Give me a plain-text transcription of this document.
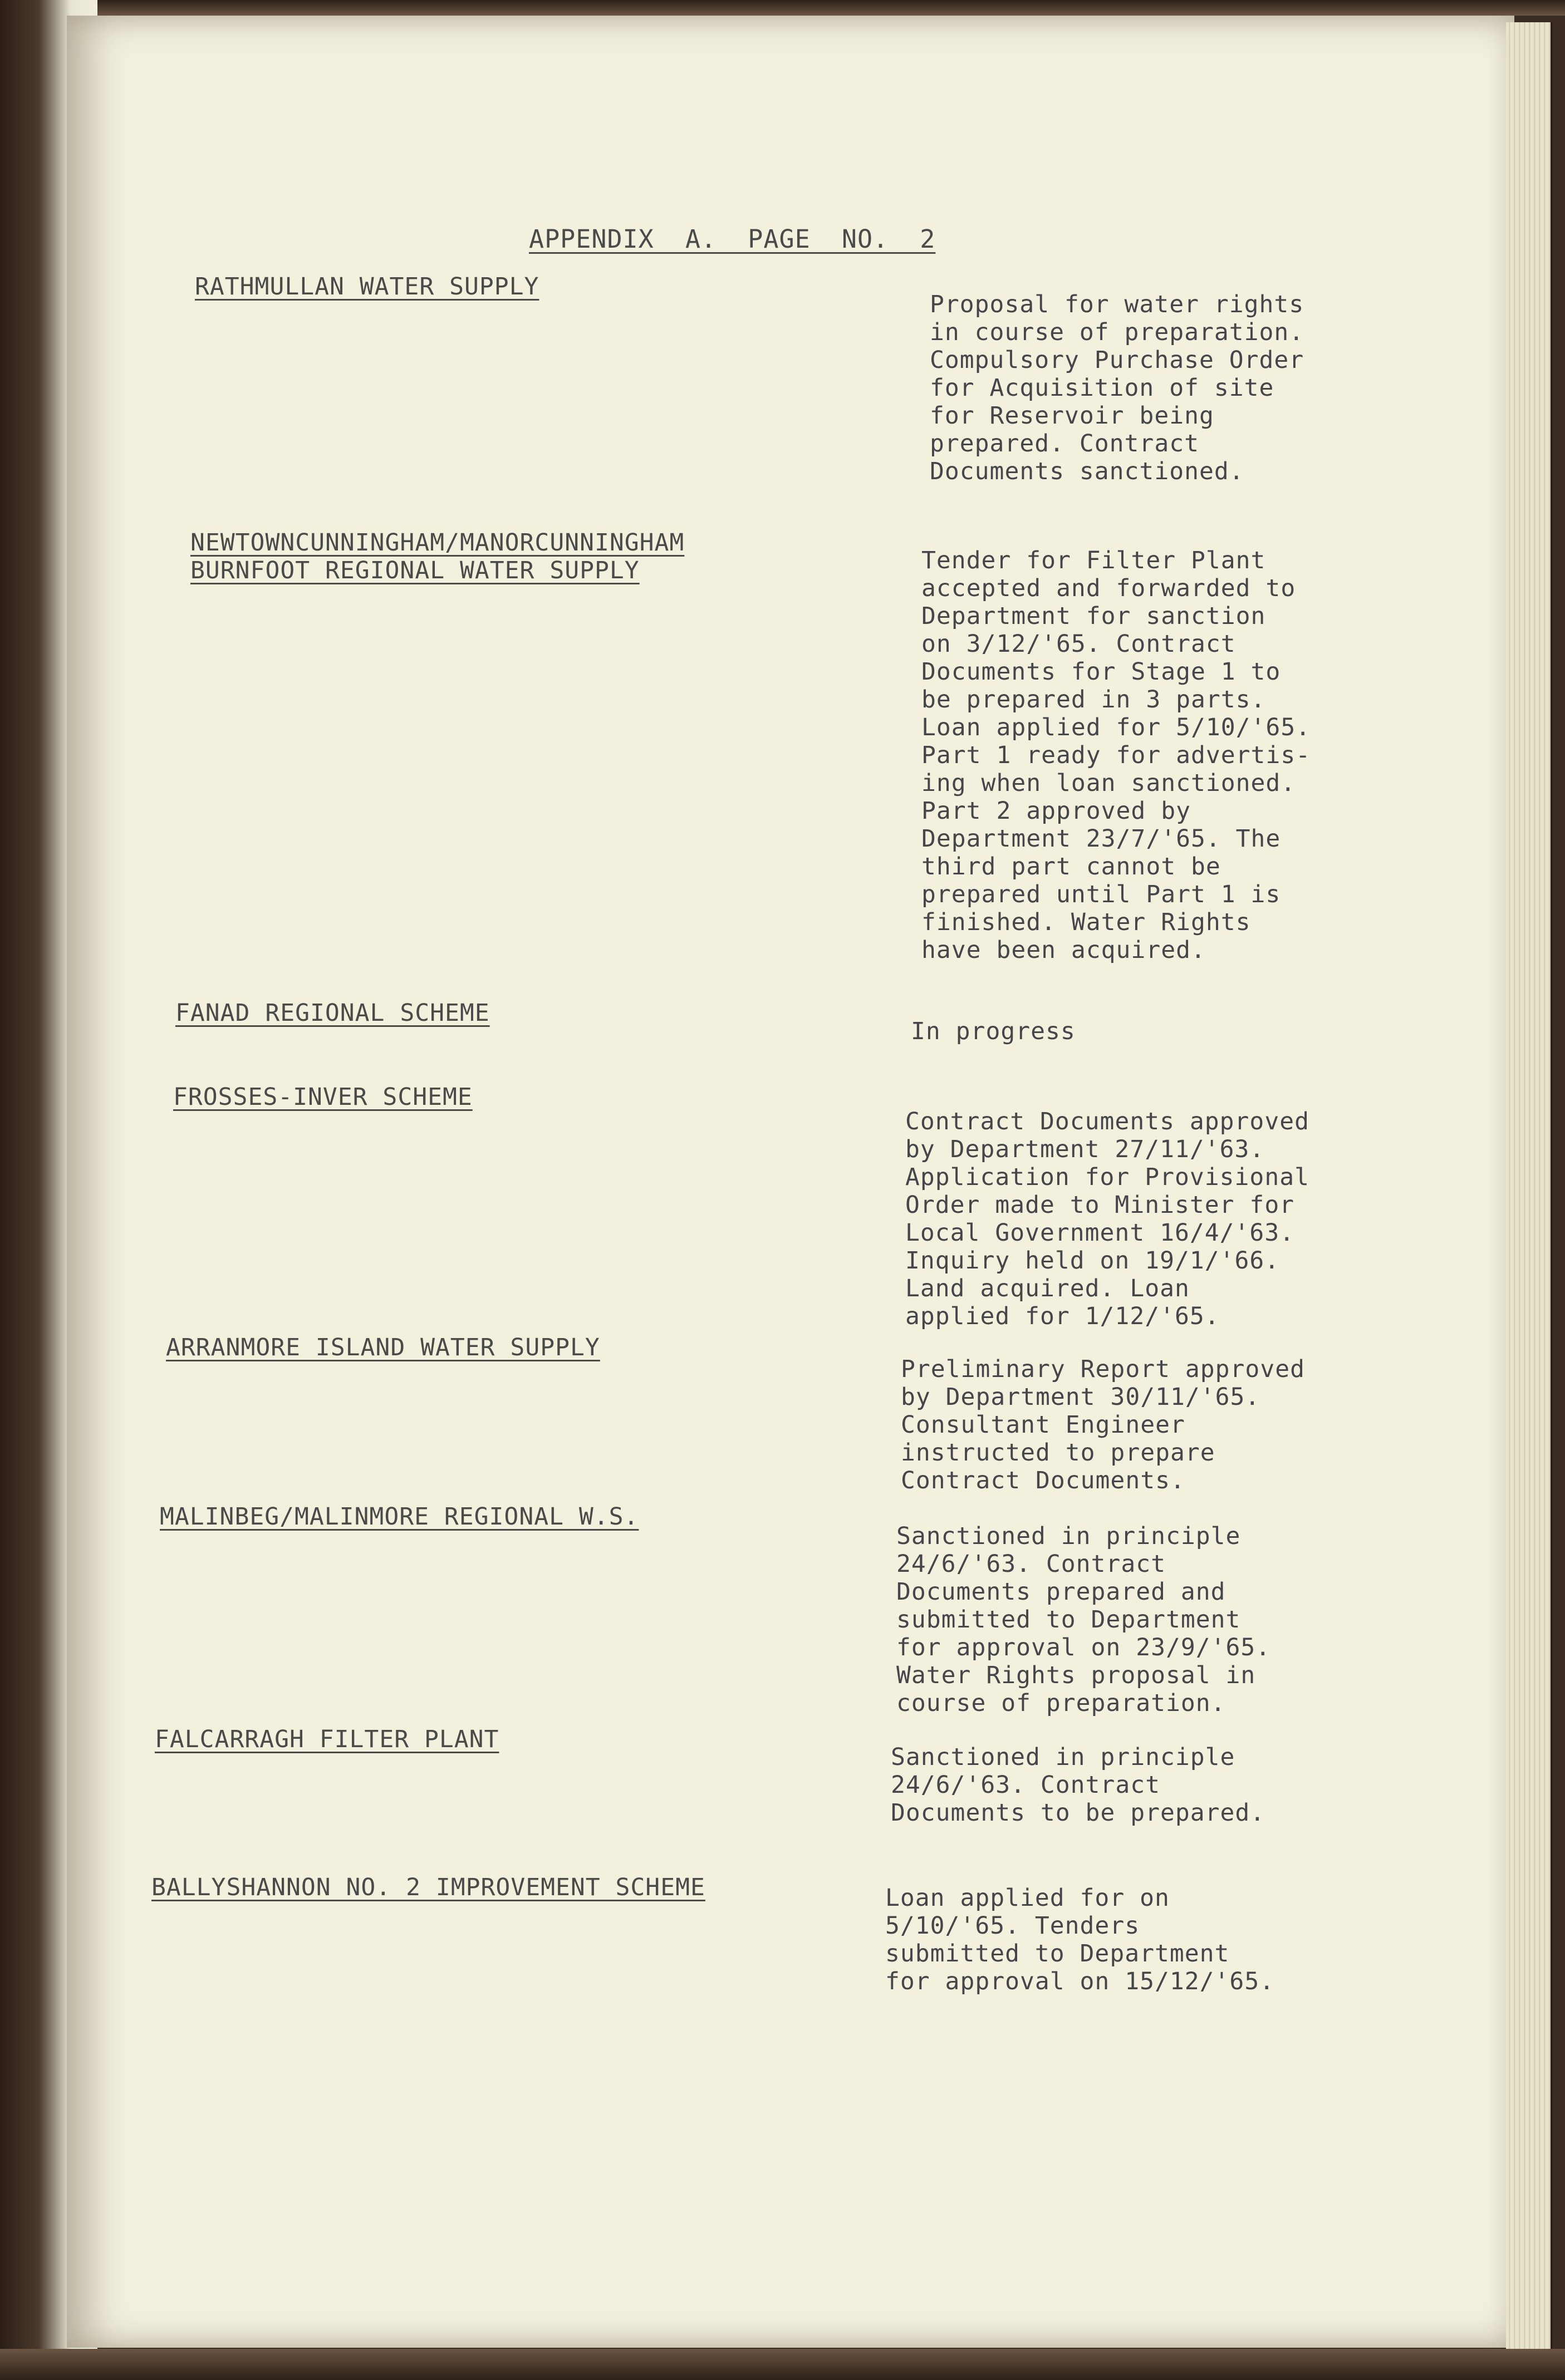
APPENDIX  A.  PAGE  NO.  2
RATHMULLAN WATER SUPPLY
Proposal for water rights
in course of preparation.
Compulsory Purchase Order
for Acquisition of site
for Reservoir being
prepared. Contract
Documents sanctioned.
NEWTOWNCUNNINGHAM/MANORCUNNINGHAM
BURNFOOT REGIONAL WATER SUPPLY	Tender for Filter Plant
accepted and forwarded to
Department for sanction
on 3/12/'65. Contract
Documents for Stage 1 to
be prepared in 3 parts.
Loan applied for 5/10/'65.
Part 1 ready for advertis-
ing when loan sanctioned.
Part 2 approved by
Department 23/7/'65. The
third part cannot be
prepared until Part 1 is
finished. Water Rights
have been acquired.
FANAD REGIONAL SCHEME
In progress
FROSSES-INVER SCHEME
Contract Documents approved
by Department 27/11/'63.
Application for Provisional
Order made to Minister for
Local Government 16/4/'63.
Inquiry held on 19/1/'66.
Land acquired. Loan
applied for 1/12/'65.
ARRANMORE ISLAND WATER SUPPLY
Preliminary Report approved
by Department 30/11/'65.
Consultant Engineer
instructed to prepare
Contract Documents.
MALINBEG/MALINMORE REGIONAL W.S.
Sanctioned in principle
24/6/'63. Contract
Documents prepared and
submitted to Department
for approval on 23/9/'65.
Water Rights proposal in
course of preparation.
FALCARRAGH FILTER PLANT
Sanctioned in principle
24/6/'63. Contract
Documents to be prepared.
BALLYSHANNON NO. 2 IMPROVEMENT SCHEME	Loan applied for on
5/10/'65. Tenders
submitted to Department
for approval on 15/12/'65.
